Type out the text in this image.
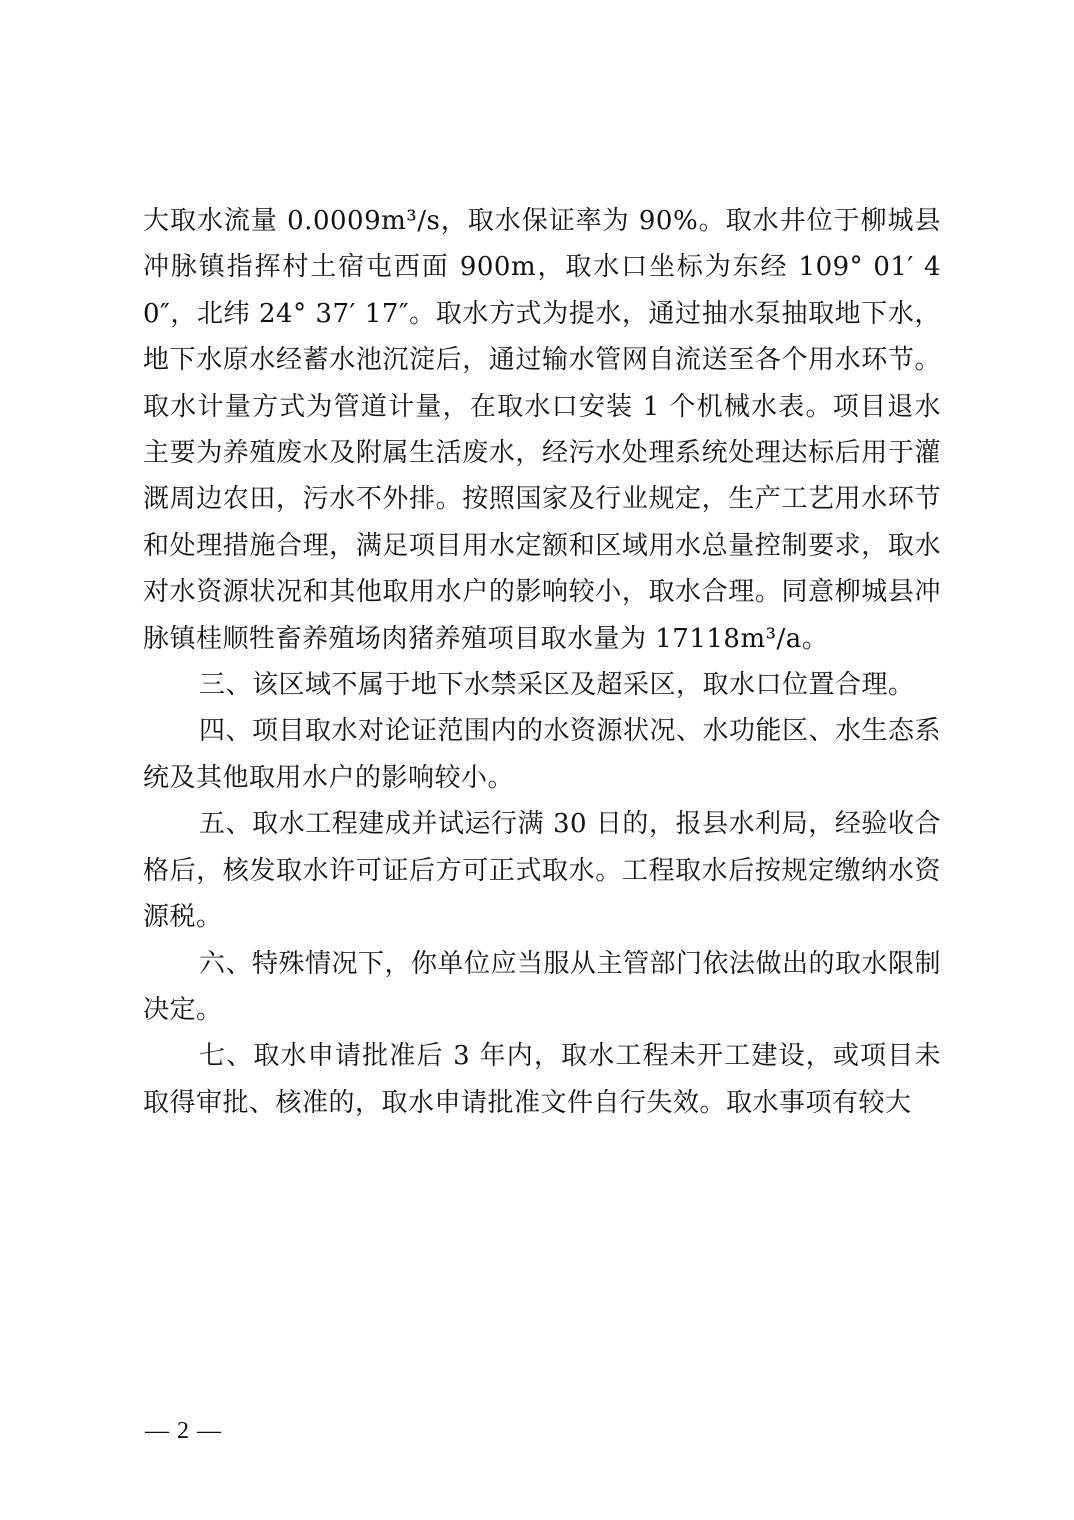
大取水流量 0.0009m³/s，取水保证率为 90%。取水井位于柳城县冲脉镇指挥村土宿屯西面 900m，取水口坐标为东经 109° 01′ 40″，北纬 24° 37′ 17″。取水方式为提水，通过抽水泵抽取地下水，地下水原水经蓄水池沉淀后，通过输水管网自流送至各个用水环节。取水计量方式为管道计量，在取水口安装 1 个机械水表。项目退水主要为养殖废水及附属生活废水，经污水处理系统处理达标后用于灌溉周边农田，污水不外排。按照国家及行业规定，生产工艺用水环节和处理措施合理，满足项目用水定额和区域用水总量控制要求，取水对水资源状况和其他取用水户的影响较小，取水合理。同意柳城县冲脉镇桂顺牲畜养殖场肉猪养殖项目取水量为 17118m³/a。

三、该区域不属于地下水禁采区及超采区，取水口位置合理。

四、项目取水对论证范围内的水资源状况、水功能区、水生态系统及其他取用水户的影响较小。

五、取水工程建成并试运行满 30 日的，报县水利局，经验收合格后，核发取水许可证后方可正式取水。工程取水后按规定缴纳水资源税。

六、特殊情况下，你单位应当服从主管部门依法做出的取水限制决定。

七、取水申请批准后 3 年内，取水工程未开工建设，或项目未取得审批、核准的，取水申请批准文件自行失效。取水事项有较大

— 2 —
